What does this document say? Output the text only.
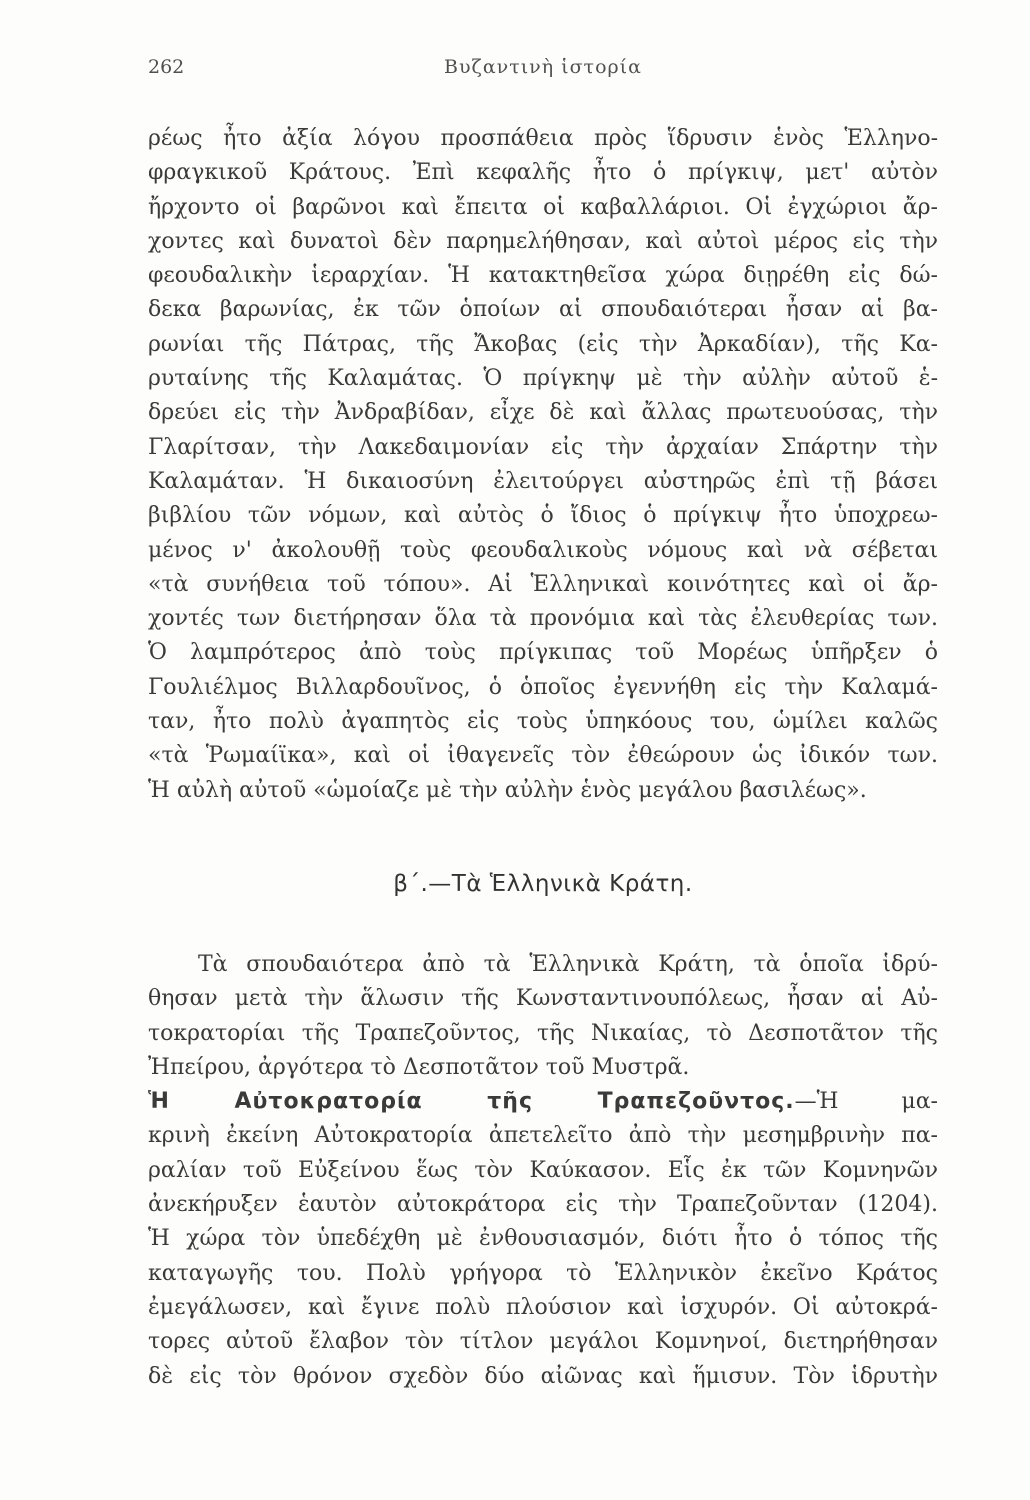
262	Βυζαντινὴ ἱστορία
ρέως ἦτο ἀξία λόγου προσπάθεια πρὸς ἵδρυσιν ἑνὸς Ἑλληνο-
φραγκικοῦ Κράτους. Ἐπὶ κεφαλῆς ἦτο ὁ πρίγκιψ, μετ' αὐτὸν
ἤρχοντο οἱ βαρῶνοι καὶ ἔπειτα οἱ καβαλλάριοι. Οἱ ἐγχώριοι ἄρ-
χοντες καὶ δυνατοὶ δὲν παρημελήθησαν, καὶ αὐτοὶ μέρος εἰς τὴν
φεουδαλικὴν ἱεραρχίαν. Ἡ κατακτηθεῖσα χώρα διῃρέθη εἰς δώ-
δεκα βαρωνίας, ἐκ τῶν ὁποίων αἱ σπουδαιότεραι ἦσαν αἱ βα-
ρωνίαι τῆς Πάτρας, τῆς Ἄκοβας (εἰς τὴν Ἀρκαδίαν), τῆς Κα-
ρυταίνης τῆς Καλαμάτας. Ὁ πρίγκηψ μὲ τὴν αὐλὴν αὐτοῦ ἑ-
δρεύει εἰς τὴν Ἀνδραβίδαν, εἶχε δὲ καὶ ἄλλας πρωτευούσας, τὴν
Γλαρίτσαν, τὴν Λακεδαιμονίαν εἰς τὴν ἀρχαίαν Σπάρτην τὴν
Καλαμάταν. Ἡ δικαιοσύνη ἐλειτούργει αὐστηρῶς ἐπὶ τῇ βάσει
βιβλίου τῶν νόμων, καὶ αὐτὸς ὁ ἴδιος ὁ πρίγκιψ ἦτο ὑποχρεω-
μένος ν' ἀκολουθῇ τοὺς φεουδαλικοὺς νόμους καὶ νὰ σέβεται
«τὰ συνήθεια τοῦ τόπου». Αἱ Ἑλληνικαὶ κοινότητες καὶ οἱ ἄρ-
χοντές των διετήρησαν ὅλα τὰ προνόμια καὶ τὰς ἐλευθερίας των.
Ὁ λαμπρότερος ἀπὸ τοὺς πρίγκιπας τοῦ Μορέως ὑπῆρξεν ὁ
Γουλιέλμος Βιλλαρδουῖνος, ὁ ὁποῖος ἐγεννήθη εἰς τὴν Καλαμά-
ταν, ἦτο πολὺ ἀγαπητὸς εἰς τοὺς ὑπηκόους του, ὡμίλει καλῶς
«τὰ Ῥωμαίϊκα», καὶ οἱ ἰθαγενεῖς τὸν ἐθεώρουν ὡς ἰδικόν των.
Ἡ αὐλὴ αὐτοῦ «ὡμοίαζε μὲ τὴν αὐλὴν ἑνὸς μεγάλου βασιλέως».
β΄.—Τὰ Ἑλληνικὰ Κράτη.
Τὰ σπουδαιότερα ἀπὸ τὰ Ἑλληνικὰ Κράτη, τὰ ὁποῖα ἱδρύ-
θησαν μετὰ τὴν ἅλωσιν τῆς Κωνσταντινουπόλεως, ἦσαν αἱ Αὐ-
τοκρατορίαι τῆς Τραπεζοῦντος, τῆς Νικαίας, τὸ Δεσποτᾶτον τῆς
Ἠπείρου, ἀργότερα τὸ Δεσποτᾶτον τοῦ Μυστρᾶ.
Ἡ Αὐτοκρατορία τῆς Τραπεζοῦντος.—Ἡ μα-
κρινὴ ἐκείνη Αὐτοκρατορία ἀπετελεῖτο ἀπὸ τὴν μεσημβρινὴν πα-
ραλίαν τοῦ Εὐξείνου ἕως τὸν Καύκασον. Εἷς ἐκ τῶν Κομνηνῶν
ἀνεκήρυξεν ἑαυτὸν αὐτοκράτορα εἰς τὴν Τραπεζοῦνταν (1204).
Ἡ χώρα τὸν ὑπεδέχθη μὲ ἐνθουσιασμόν, διότι ἦτο ὁ τόπος τῆς
καταγωγῆς του. Πολὺ γρήγορα τὸ Ἑλληνικὸν ἐκεῖνο Κράτος
ἐμεγάλωσεν, καὶ ἔγινε πολὺ πλούσιον καὶ ἰσχυρόν. Οἱ αὐτοκρά-
τορες αὐτοῦ ἔλαβον τὸν τίτλον μεγάλοι Κομνηνοί, διετηρήθησαν
δὲ εἰς τὸν θρόνον σχεδὸν δύο αἰῶνας καὶ ἥμισυν. Τὸν ἱδρυτὴν
